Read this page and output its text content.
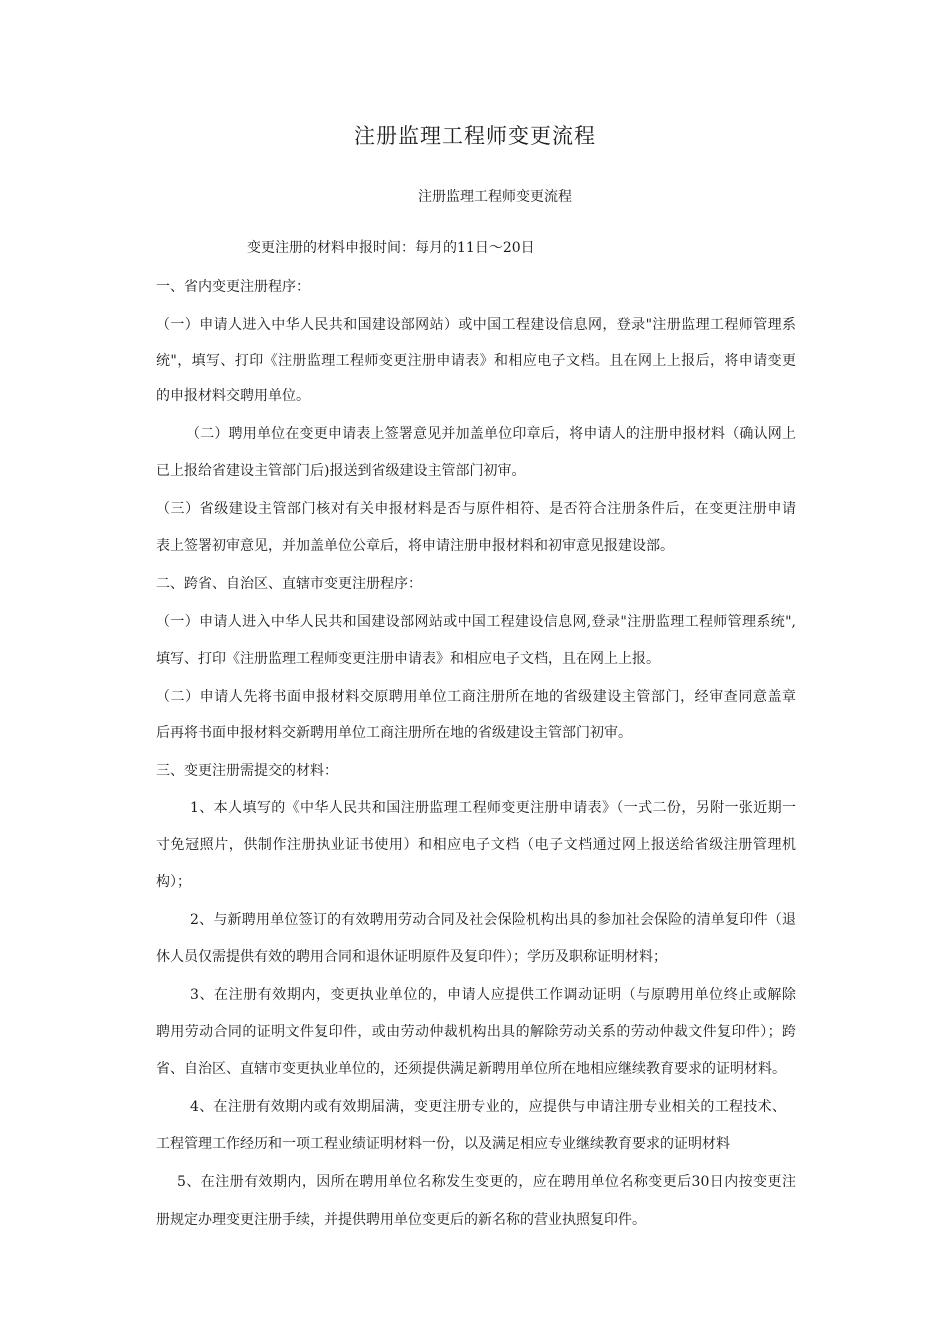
注册监理工程师变更流程
注册监理工程师变更流程
变更注册的材料申报时间：每月的11日～20日
一、省内变更注册程序：
（一）申请人进入中华人民共和国建设部网站）或中国工程建设信息网，登录"注册监理工程师管理系
统"，填写、打印《注册监理工程师变更注册申请表》和相应电子文档。且在网上上报后，将申请变更
的申报材料交聘用单位。
（二）聘用单位在变更申请表上签署意见并加盖单位印章后，将申请人的注册申报材料（确认网上
已上报给省建设主管部门后)报送到省级建设主管部门初审。
（三）省级建设主管部门核对有关申报材料是否与原件相符、是否符合注册条件后，在变更注册申请
表上签署初审意见，并加盖单位公章后，将申请注册申报材料和初审意见报建设部。
二、跨省、自治区、直辖市变更注册程序：
（一）申请人进入中华人民共和国建设部网站或中国工程建设信息网,登录"注册监理工程师管理系统",
填写、打印《注册监理工程师变更注册申请表》和相应电子文档，且在网上上报。
（二）申请人先将书面申报材料交原聘用单位工商注册所在地的省级建设主管部门，经审查同意盖章
后再将书面申报材料交新聘用单位工商注册所在地的省级建设主管部门初审。
三、变更注册需提交的材料：
1、本人填写的《中华人民共和国注册监理工程师变更注册申请表》（一式二份，另附一张近期一
寸免冠照片，供制作注册执业证书使用）和相应电子文档（电子文档通过网上报送给省级注册管理机
构）；
2、与新聘用单位签订的有效聘用劳动合同及社会保险机构出具的参加社会保险的清单复印件（退
休人员仅需提供有效的聘用合同和退休证明原件及复印件）；学历及职称证明材料；
3、在注册有效期内，变更执业单位的，申请人应提供工作调动证明（与原聘用单位终止或解除
聘用劳动合同的证明文件复印件，或由劳动仲裁机构出具的解除劳动关系的劳动仲裁文件复印件）；跨
省、自治区、直辖市变更执业单位的，还须提供满足新聘用单位所在地相应继续教育要求的证明材料。
4、在注册有效期内或有效期届满，变更注册专业的，应提供与申请注册专业相关的工程技术、
工程管理工作经历和一项工程业绩证明材料一份，以及满足相应专业继续教育要求的证明材料
5、在注册有效期内，因所在聘用单位名称发生变更的，应在聘用单位名称变更后30日内按变更注
册规定办理变更注册手续，并提供聘用单位变更后的新名称的营业执照复印件。
